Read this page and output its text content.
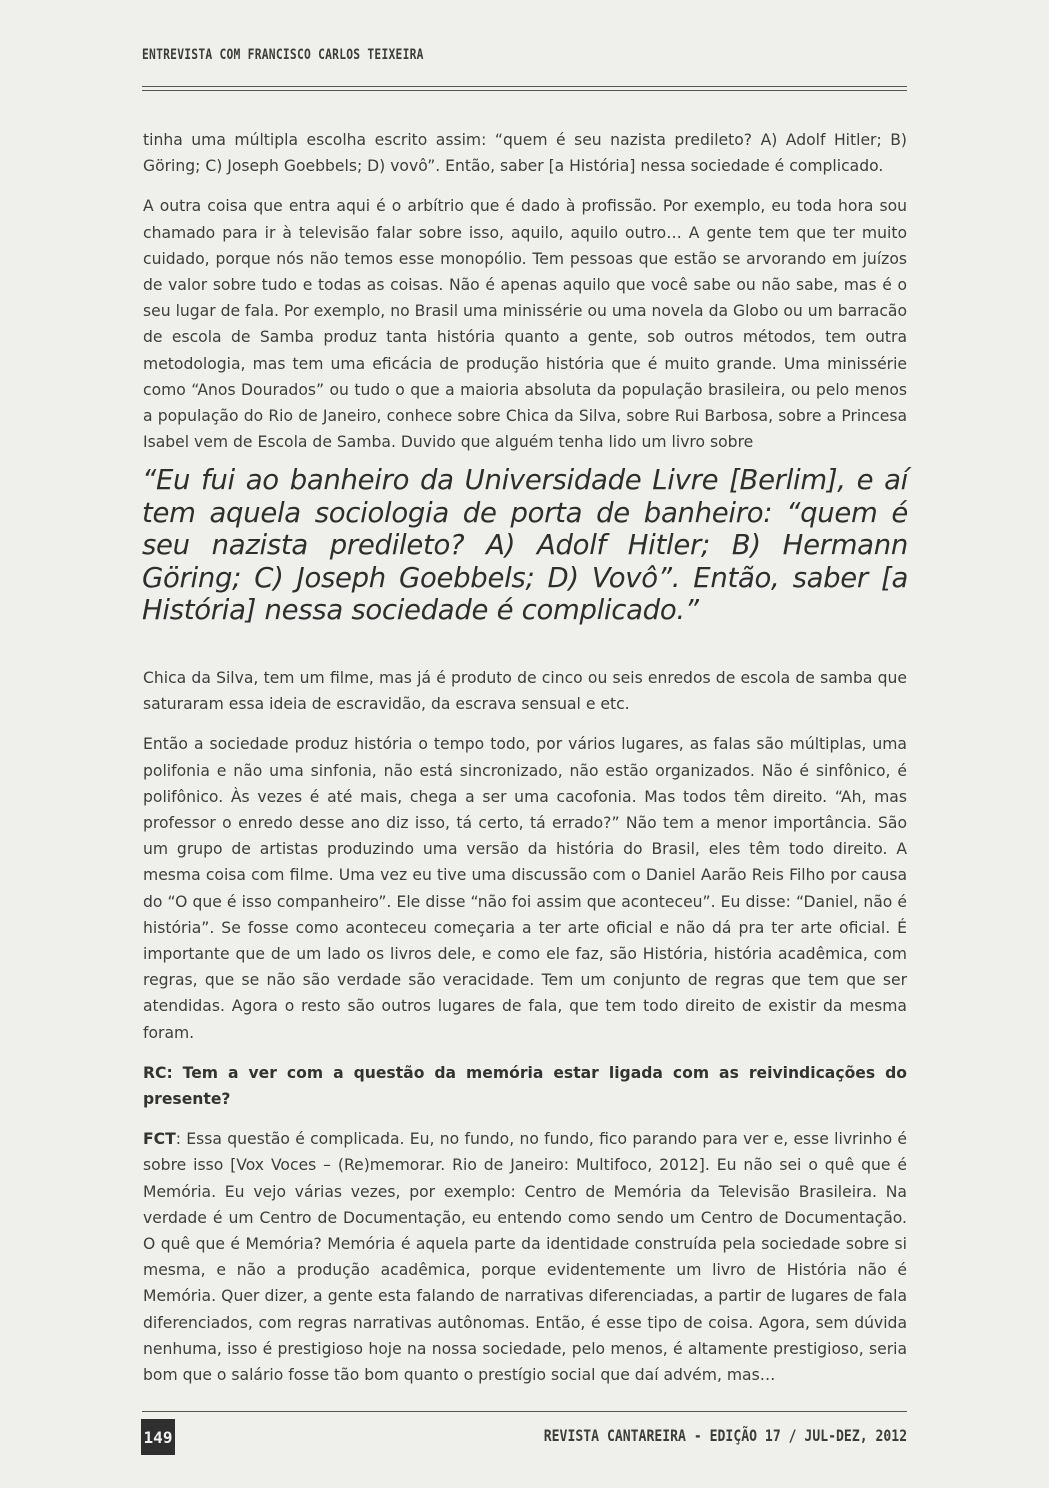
ENTREVISTA COM FRANCISCO CARLOS TEIXEIRA

tinha uma múltipla escolha escrito assim: “quem é seu nazista predileto? A) Adolf Hitler; B) Göring; C) Joseph Goebbels; D) vovô”. Então, saber [a História] nessa sociedade é complicado.

A outra coisa que entra aqui é o arbítrio que é dado à profissão. Por exemplo, eu toda hora sou chamado para ir à televisão falar sobre isso, aquilo, aquilo outro… A gente tem que ter muito cuidado, porque nós não temos esse monopólio. Tem pessoas que estão se arvorando em juízos de valor sobre tudo e todas as coisas. Não é apenas aquilo que você sabe ou não sabe, mas é o seu lugar de fala. Por exemplo, no Brasil uma minissérie ou uma novela da Globo ou um barracão de escola de Samba produz tanta história quanto a gente, sob outros métodos, tem outra metodologia, mas tem uma eficácia de produção história que é muito grande. Uma minissérie como “Anos Dourados” ou tudo o que a maioria absoluta da população brasileira, ou pelo menos a população do Rio de Janeiro, conhece sobre Chica da Silva, sobre Rui Barbosa, sobre a Princesa Isabel vem de Escola de Samba. Duvido que alguém tenha lido um livro sobre

“Eu fui ao banheiro da Universidade Livre [Berlim], e aí tem aquela sociologia de porta de banheiro: “quem é seu nazista predileto? A) Adolf Hitler; B) Hermann Göring; C) Joseph Goebbels; D) Vovô”. Então, saber [a História] nessa sociedade é complicado.”

Chica da Silva, tem um filme, mas já é produto de cinco ou seis enredos de escola de samba que saturaram essa ideia de escravidão, da escrava sensual e etc.

Então a sociedade produz história o tempo todo, por vários lugares, as falas são múltiplas, uma polifonia e não uma sinfonia, não está sincronizado, não estão organizados. Não é sinfônico, é polifônico. Às vezes é até mais, chega a ser uma cacofonia. Mas todos têm direito. “Ah, mas professor o enredo desse ano diz isso, tá certo, tá errado?” Não tem a menor importância. São um grupo de artistas produzindo uma versão da história do Brasil, eles têm todo direito. A mesma coisa com filme. Uma vez eu tive uma discussão com o Daniel Aarão Reis Filho por causa do “O que é isso companheiro”. Ele disse “não foi assim que aconteceu”. Eu disse: “Daniel, não é história”. Se fosse como aconteceu começaria a ter arte oficial e não dá pra ter arte oficial. É importante que de um lado os livros dele, e como ele faz, são História, história acadêmica, com regras, que se não são verdade são veracidade. Tem um conjunto de regras que tem que ser atendidas. Agora o resto são outros lugares de fala, que tem todo direito de existir da mesma foram.

RC: Tem a ver com a questão da memória estar ligada com as reivindicações do presente?

FCT: Essa questão é complicada. Eu, no fundo, no fundo, fico parando para ver e, esse livrinho é sobre isso [Vox Voces – (Re)memorar. Rio de Janeiro: Multifoco, 2012]. Eu não sei o quê que é Memória. Eu vejo várias vezes, por exemplo: Centro de Memória da Televisão Brasileira. Na verdade é um Centro de Documentação, eu entendo como sendo um Centro de Documentação. O quê que é Memória? Memória é aquela parte da identidade construída pela sociedade sobre si mesma, e não a produção acadêmica, porque evidentemente um livro de História não é Memória. Quer dizer, a gente esta falando de narrativas diferenciadas, a partir de lugares de fala diferenciados, com regras narrativas autônomas. Então, é esse tipo de coisa. Agora, sem dúvida nenhuma, isso é prestigioso hoje na nossa sociedade, pelo menos, é altamente prestigioso, seria bom que o salário fosse tão bom quanto o prestígio social que daí advém, mas…

149	REVISTA CANTAREIRA - EDIÇÃO 17 / JUL-DEZ, 2012
